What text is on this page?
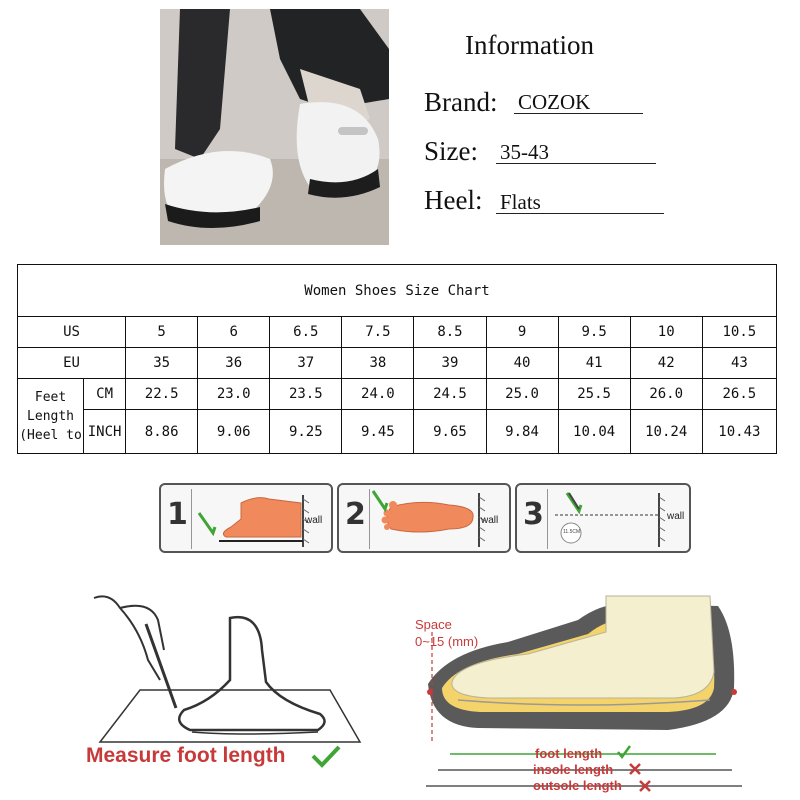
Information
Brand: COZOK
Size: 35-43
Heel: Flats
Women Shoes Size Chart										
US		5	6	6.5	7.5	8.5	9	9.5	10	10.5
EU		35	36	37	38	39	40	41	42	43
Feet Length (Heel to	CM	22.5	23.0	23.5	24.0	24.5	25.0	25.5	26.0	26.5
	INCH	8.86	9.06	9.25	9.45	9.65	9.84	10.04	10.24	10.43
1	wall 2	wall 3	11.5CM
wall
Measure foot length
Space
0~15 (mm)
foot length
insole length
outsole length
